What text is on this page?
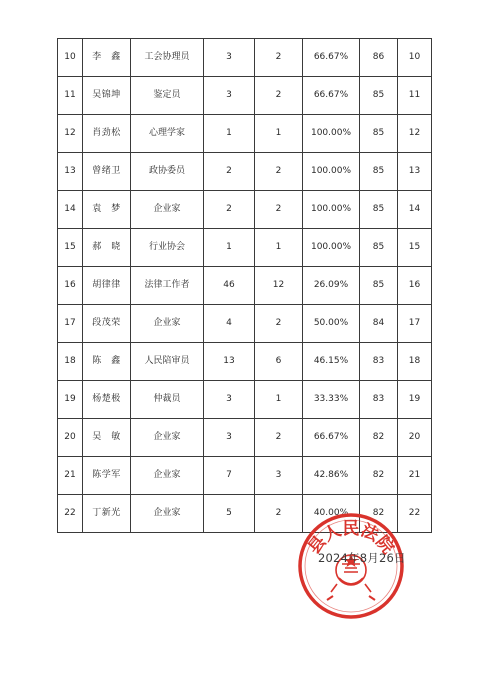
10	李　鑫	工会协理员	3	2	66.67%	86	10
11	吴锦坤	鉴定员	3	2	66.67%	85	11
12	肖劲松	心理学家	1	1	100.00%	85	12
13	曾绪卫	政协委员	2	2	100.00%	85	13
14	袁　梦	企业家	2	2	100.00%	85	14
15	郝　晓	行业协会	1	1	100.00%	85	15
16	胡律律	法律工作者	46	12	26.09%	85	16
17	段茂荣	企业家	4	2	50.00%	84	17
18	陈　鑫	人民陪审员	13	6	46.15%	83	18
19	杨楚极	仲裁员	3	1	33.33%	83	19
20	吴　敏	企业家	3	2	66.67%	82	20
21	陈学军	企业家	7	3	42.86%	82	21
22	丁新光	企业家	5	2	40.00%	82	22
县人民法院
2024年8月26日
